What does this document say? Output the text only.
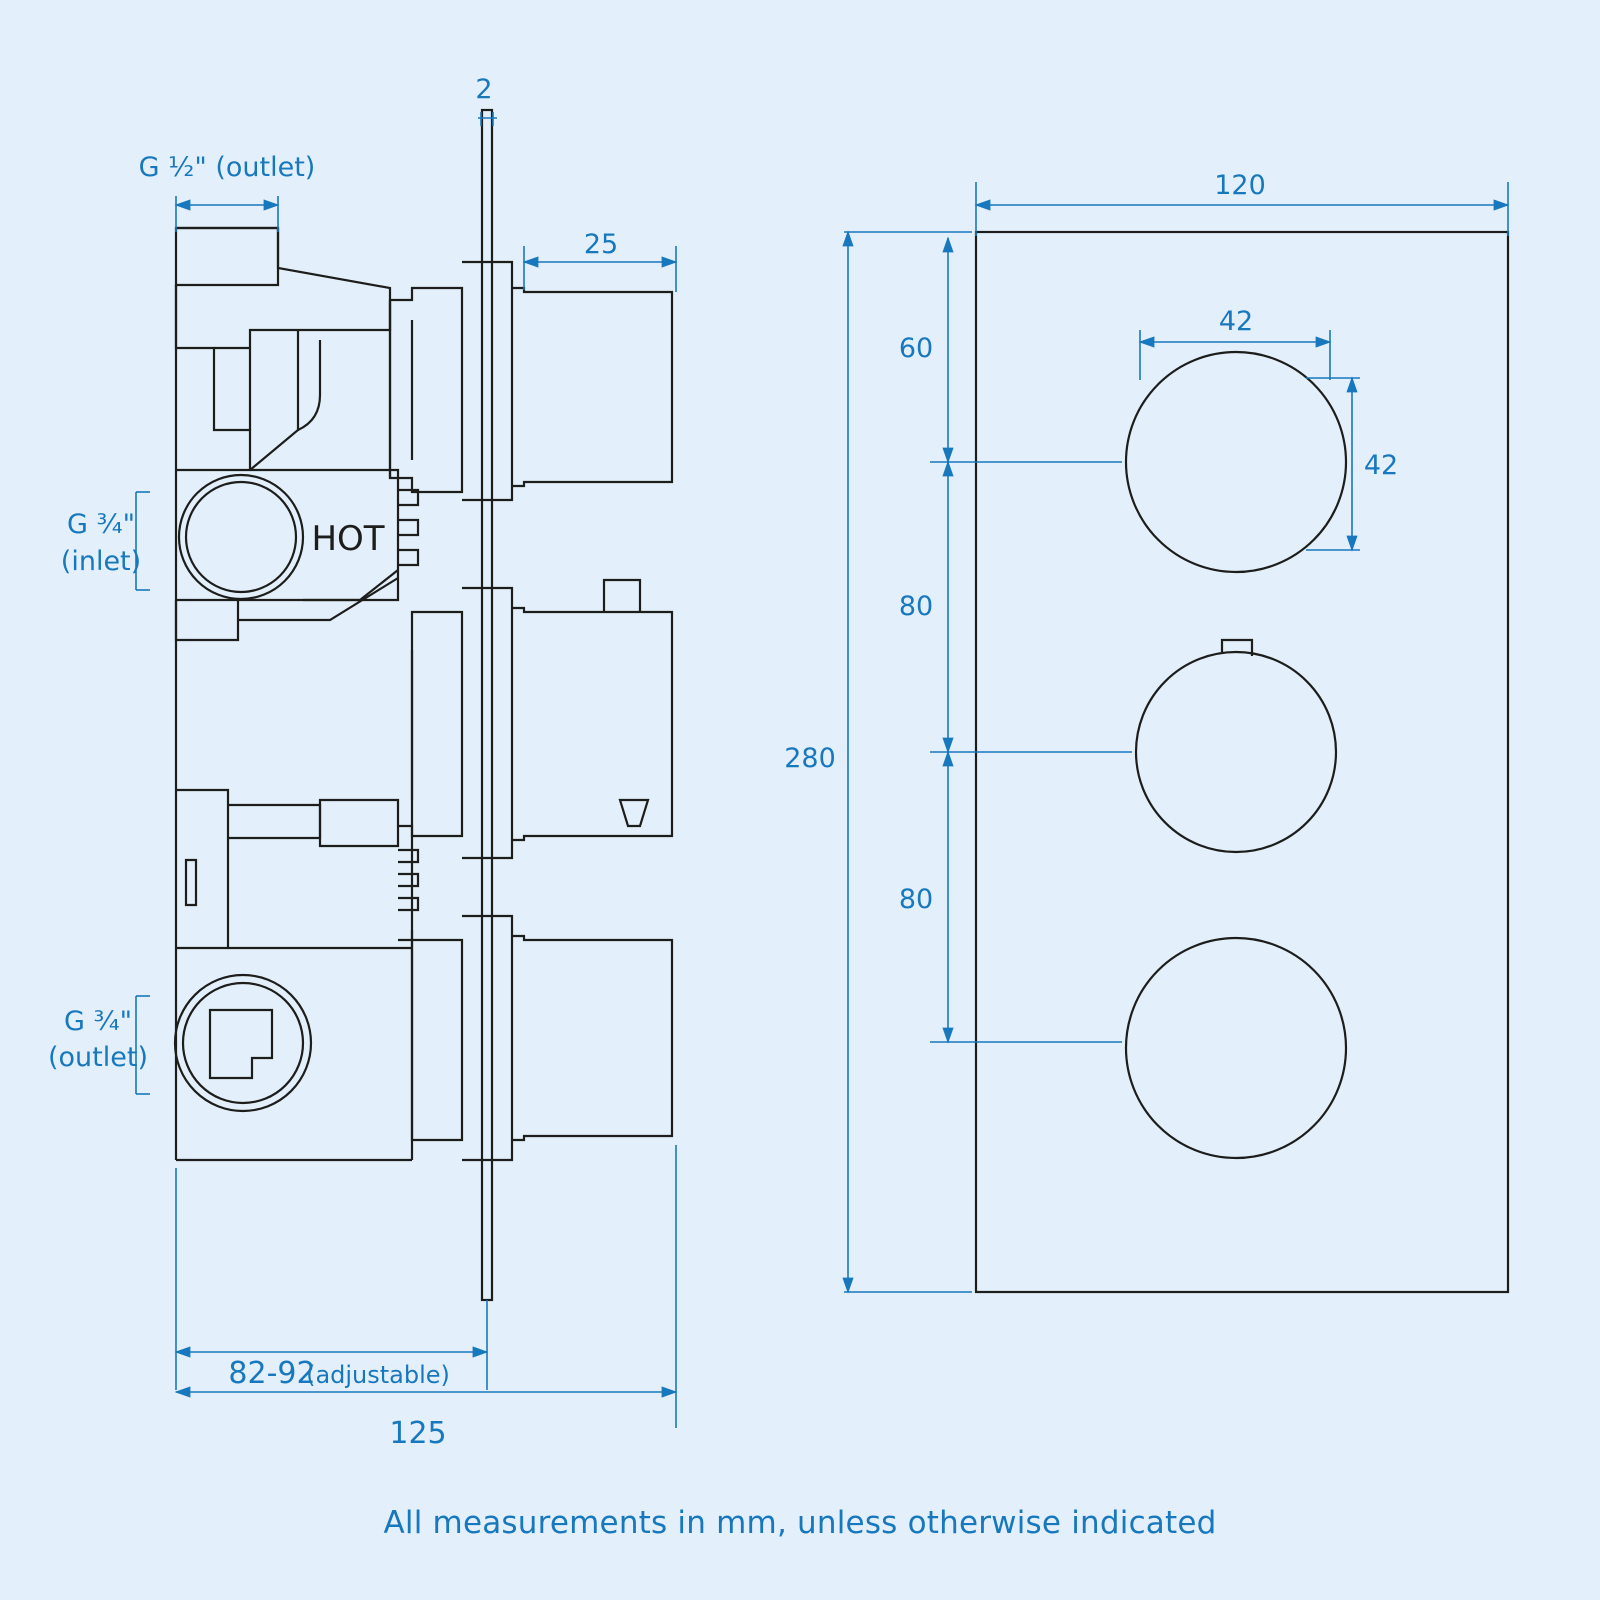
2
G ½" (outlet)
25
G ¾"
(inlet)
G ¾"
(outlet)
82-92
(adjustable)
125
120
280
60
80
80
42
42
HOT
All measurements in mm, unless otherwise indicated
